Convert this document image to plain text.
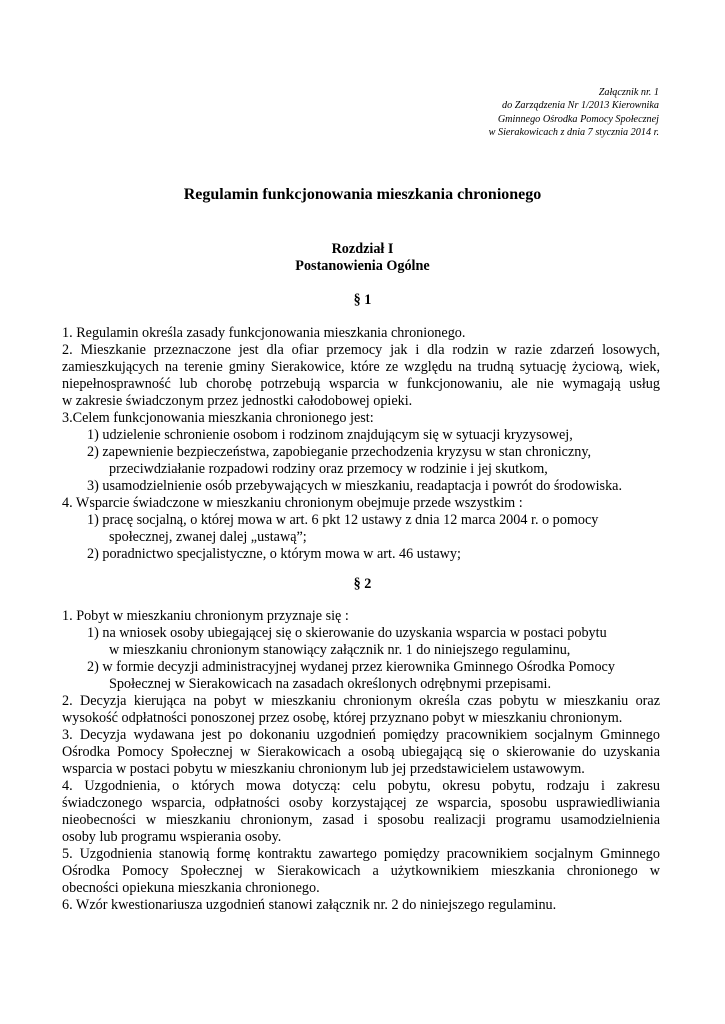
Załącznik nr. 1
do Zarządzenia Nr 1/2013 Kierownika
Gminnego Ośrodka Pomocy Społecznej
w Sierakowicach z dnia 7 stycznia 2014 r.
Regulamin funkcjonowania mieszkania chronionego
Rozdział I
Postanowienia Ogólne
§ 1
1. Regulamin określa zasady funkcjonowania mieszkania chronionego.
2. Mieszkanie przeznaczone jest dla ofiar przemocy jak i dla rodzin w razie zdarzeń losowych,
zamieszkujących na terenie gminy Sierakowice, które ze względu na trudną sytuację życiową, wiek,
niepełnosprawność lub chorobę potrzebują wsparcia w funkcjonowaniu, ale nie wymagają usług
w zakresie świadczonym przez jednostki całodobowej opieki.
3.Celem funkcjonowania mieszkania chronionego jest:
1) udzielenie schronienie osobom i rodzinom znajdującym się w sytuacji kryzysowej,
2) zapewnienie bezpieczeństwa, zapobieganie przechodzenia kryzysu w stan chroniczny,
przeciwdziałanie rozpadowi rodziny oraz przemocy w rodzinie i jej skutkom,
3) usamodzielnienie osób przebywających w mieszkaniu, readaptacja i powrót do środowiska.
4. Wsparcie świadczone w mieszkaniu chronionym obejmuje przede wszystkim :
1) pracę socjalną, o której mowa w art. 6 pkt 12 ustawy z dnia 12 marca 2004 r. o pomocy
społecznej, zwanej dalej „ustawą”;
2) poradnictwo specjalistyczne, o którym mowa w art. 46 ustawy;
§ 2
1. Pobyt w mieszkaniu chronionym przyznaje się :
1) na wniosek osoby ubiegającej się o skierowanie do uzyskania wsparcia w postaci pobytu
w mieszkaniu chronionym stanowiący załącznik nr. 1 do niniejszego regulaminu,
2) w formie decyzji administracyjnej wydanej przez kierownika Gminnego Ośrodka Pomocy
Społecznej w Sierakowicach na zasadach określonych odrębnymi przepisami.
2. Decyzja kierująca na pobyt w mieszkaniu chronionym określa czas pobytu w mieszkaniu oraz
wysokość odpłatności ponoszonej przez osobę, której przyznano pobyt w mieszkaniu chronionym.
3. Decyzja wydawana jest po dokonaniu uzgodnień pomiędzy pracownikiem socjalnym Gminnego
Ośrodka Pomocy Społecznej w Sierakowicach a osobą ubiegającą się o skierowanie do uzyskania
wsparcia w postaci pobytu w mieszkaniu chronionym lub jej przedstawicielem ustawowym.
4. Uzgodnienia, o których mowa dotyczą: celu pobytu, okresu pobytu, rodzaju i zakresu
świadczonego wsparcia, odpłatności osoby korzystającej ze wsparcia, sposobu usprawiedliwiania
nieobecności w mieszkaniu chronionym, zasad i sposobu realizacji programu usamodzielnienia
osoby lub programu wspierania osoby.
5. Uzgodnienia stanowią formę kontraktu zawartego pomiędzy pracownikiem socjalnym Gminnego
Ośrodka Pomocy Społecznej w Sierakowicach a użytkownikiem mieszkania chronionego w
obecności opiekuna mieszkania chronionego.
6. Wzór kwestionariusza uzgodnień stanowi załącznik nr. 2 do niniejszego regulaminu.
